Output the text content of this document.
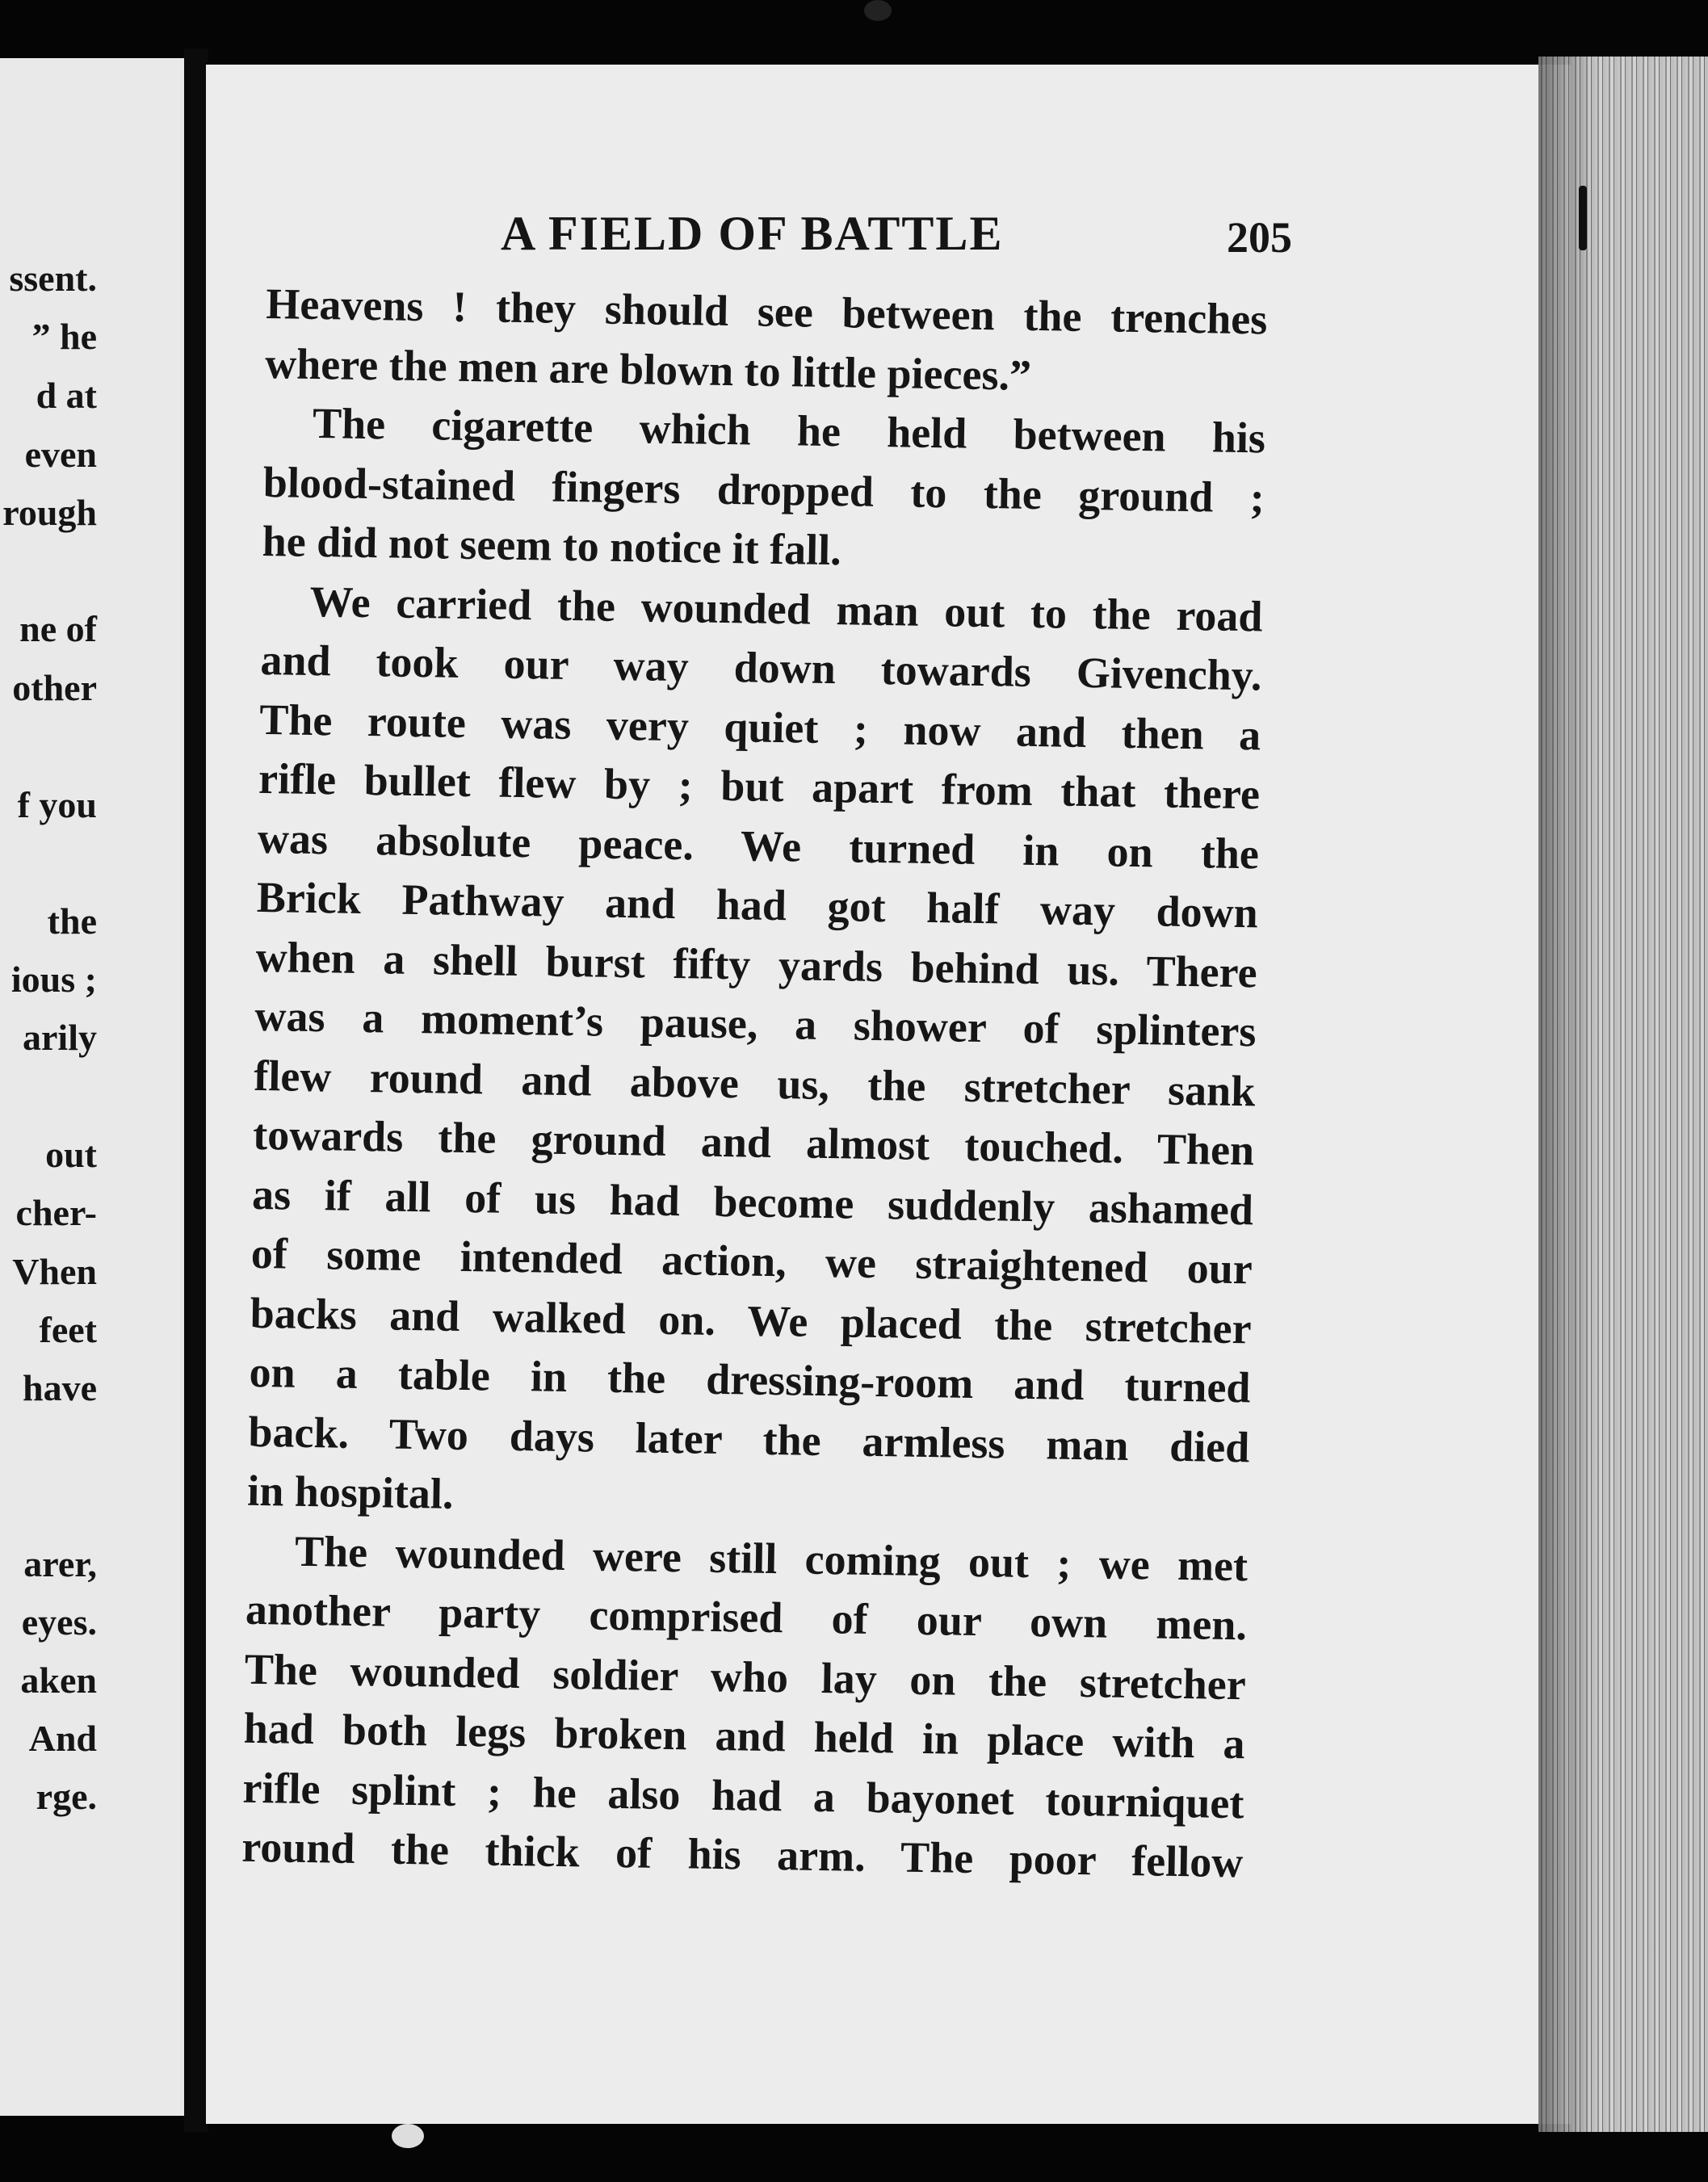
ssent.
” he
d at
even
rough
ne of
other
f you
the
ious ;
arily
out
cher-
Vhen
feet
have
arer,
eyes.
aken
And
rge.
A FIELD OF BATTLE	205
Heavens ! they should see between the trenches
where the men are blown to little pieces.”
The cigarette which he held between his
blood-stained fingers dropped to the ground ;
he did not seem to notice it fall.
We carried the wounded man out to the road
and took our way down towards Givenchy.
The route was very quiet ; now and then a
rifle bullet flew by ; but apart from that there
was absolute peace. We turned in on the
Brick Pathway and had got half way down
when a shell burst fifty yards behind us. There
was a moment’s pause, a shower of splinters
flew round and above us, the stretcher sank
towards the ground and almost touched. Then
as if all of us had become suddenly ashamed
of some intended action, we straightened our
backs and walked on. We placed the stretcher
on a table in the dressing-room and turned
back. Two days later the armless man died
in hospital.
The wounded were still coming out ; we met
another party comprised of our own men.
The wounded soldier who lay on the stretcher
had both legs broken and held in place with a
rifle splint ; he also had a bayonet tourniquet
round the thick of his arm. The poor fellow
